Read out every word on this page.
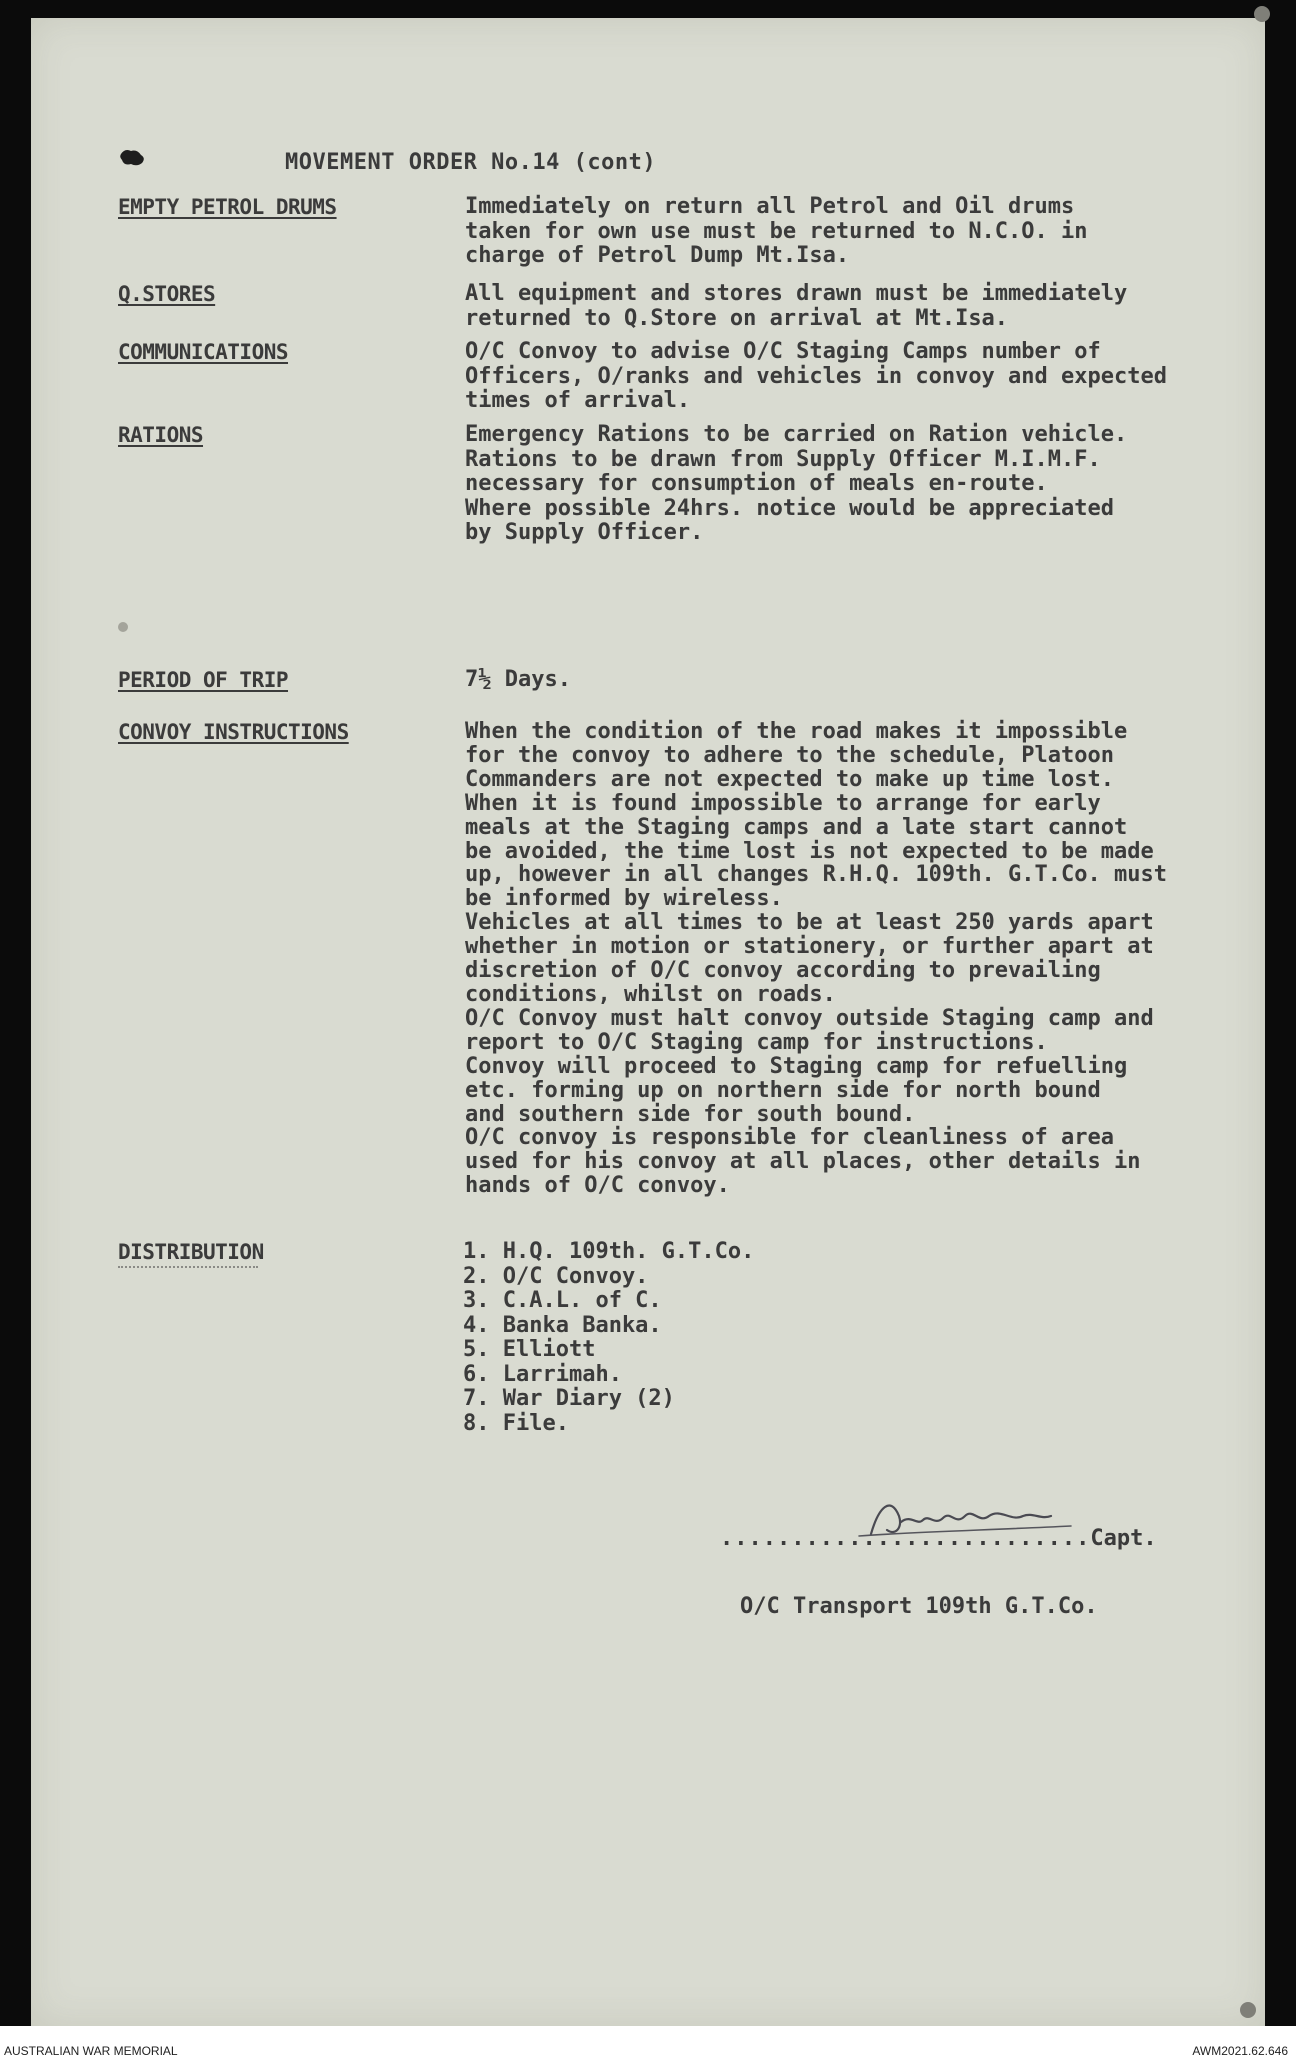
MOVEMENT ORDER No.14 (cont)
EMPTY PETROL DRUMS	Immediately on return all Petrol and Oil drums
taken for own use must be returned to N.C.O. in
charge of Petrol Dump Mt.Isa.
Q.STORES	All equipment and stores drawn must be immediately
returned to Q.Store on arrival at Mt.Isa.
COMMUNICATIONS	O/C Convoy to advise O/C Staging Camps number of
Officers, O/ranks and vehicles in convoy and expected
times of arrival.
RATIONS	Emergency Rations to be carried on Ration vehicle.
Rations to be drawn from Supply Officer M.I.M.F.
necessary for consumption of meals en-route.
Where possible 24hrs. notice would be appreciated
by Supply Officer.
PERIOD OF TRIP	7½ Days.
CONVOY INSTRUCTIONS	When the condition of the road makes it impossible
for the convoy to adhere to the schedule, Platoon
Commanders are not expected to make up time lost.
When it is found impossible to arrange for early
meals at the Staging camps and a late start cannot
be avoided, the time lost is not expected to be made
up, however in all changes R.H.Q. 109th. G.T.Co. must
be informed by wireless.
Vehicles at all times to be at least 250 yards apart
whether in motion or stationery, or further apart at
discretion of O/C convoy according to prevailing
conditions, whilst on roads.
O/C Convoy must halt convoy outside Staging camp and
report to O/C Staging camp for instructions.
Convoy will proceed to Staging camp for refuelling
etc. forming up on northern side for north bound
and southern side for south bound.
O/C convoy is responsible for cleanliness of area
used for his convoy at all places, other details in
hands of O/C convoy.
DISTRIBUTION	1. H.Q. 109th. G.T.Co.
2. O/C Convoy.
3. C.A.L. of C.
4. Banka Banka.
5. Elliott
6. Larrimah.
7. War Diary (2)
8. File.
..........................Capt.
O/C Transport 109th G.T.Co.
AUSTRALIAN WAR MEMORIAL	AWM2021.62.646
